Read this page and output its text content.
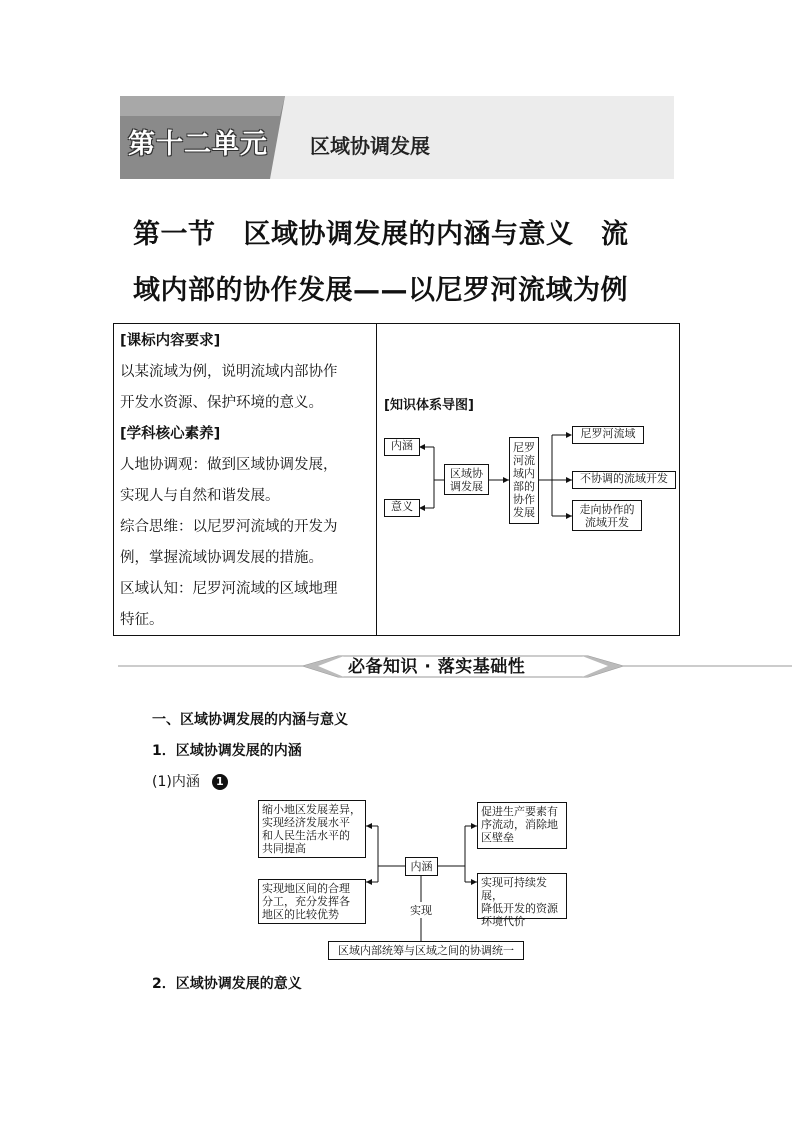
第十二单元 区域协调发展
第一节 区域协调发展的内涵与意义　流
域内部的协作发展——以尼罗河流域为例

[课标内容要求]

以某流域为例，说明流域内部协作

开发水资源、保护环境的意义。

[学科核心素养]

人地协调观：做到区域协调发展，

实现人与自然和谐发展。

综合思维：以尼罗河流域的开发为

例，掌握流域协调发展的措施。

区域认知：尼罗河流域的区域地理

特征。

[知识体系导图]
内涵
意义
区域协
调发展
尼罗
河流
域内
部的
协作
发展
尼罗河流域
不协调的流域开发
走向协作的
流域开发
必备知识 · 落实基础性
一、区域协调发展的内涵与意义
1．区域协调发展的内涵
(1)内涵 1
2．区域协调发展的意义
缩小地区发展差异，
实现经济发展水平
和人民生活水平的
共同提高
实现地区间的合理
分工，充分发挥各
地区的比较优势
内涵
促进生产要素有
序流动，消除地
区壁垒
实现可持续发展，
降低开发的资源
环境代价
实现
区域内部统筹与区域之间的协调统一
